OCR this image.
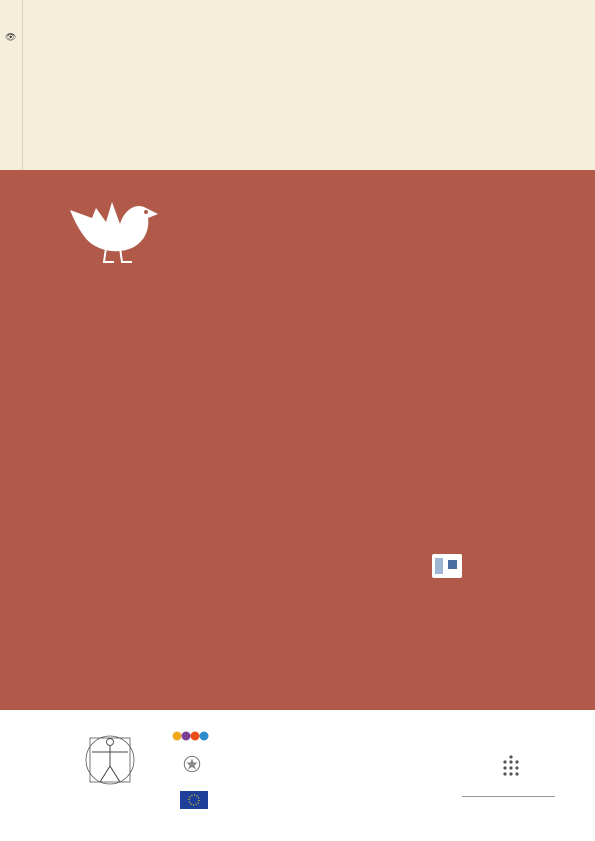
👁
